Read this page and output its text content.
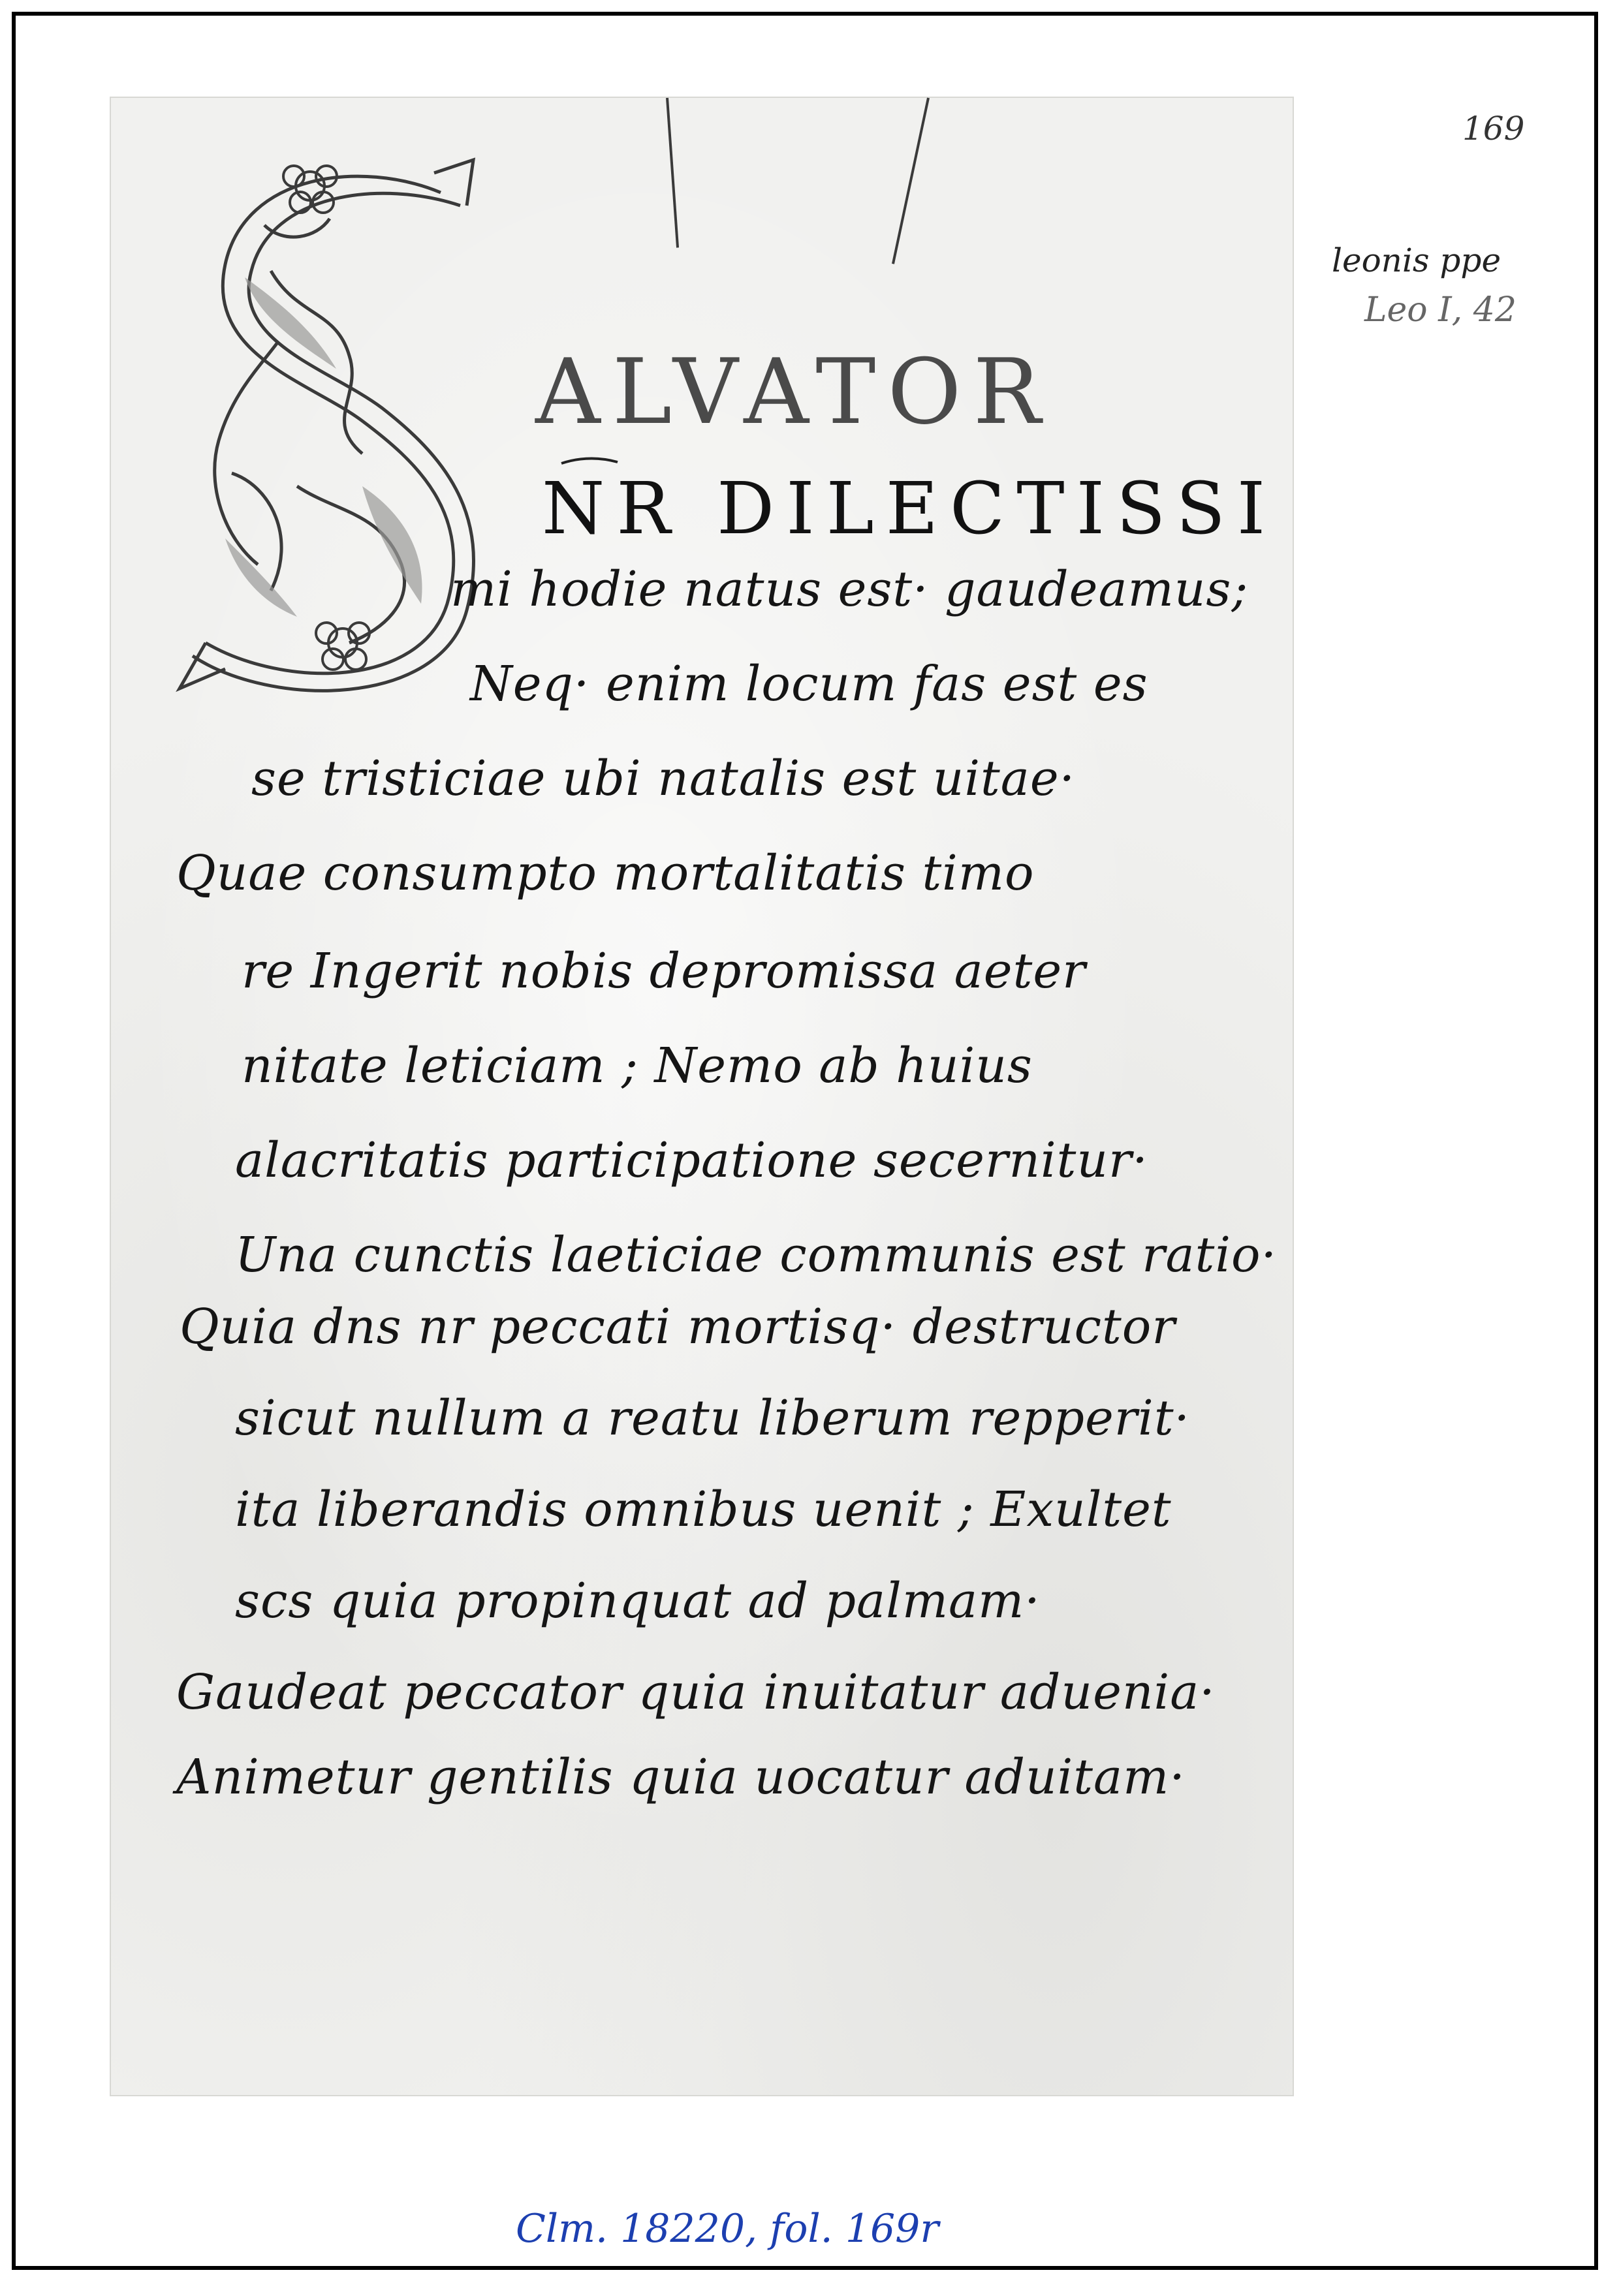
169
leonis ppe
Leo I, 42
ALVATOR
NR DILECTISSI
mi hodie natus est· gaudeamus;
Neq· enim locum fas est es
se tristiciae ubi natalis est uitae·
Quae consumpto mortalitatis timo
re Ingerit nobis depromissa aeter
nitate leticiam ; Nemo ab huius
alacritatis participatione secernitur·
Una cunctis laeticiae communis est ratio·
Quia dns nr peccati mortisq· destructor
sicut nullum a reatu liberum repperit·
ita liberandis omnibus uenit ; Exultet
scs quia propinquat ad palmam·
Gaudeat peccator quia inuitatur aduenia·
Animetur gentilis quia uocatur aduitam·
Clm. 18220, fol. 169r
